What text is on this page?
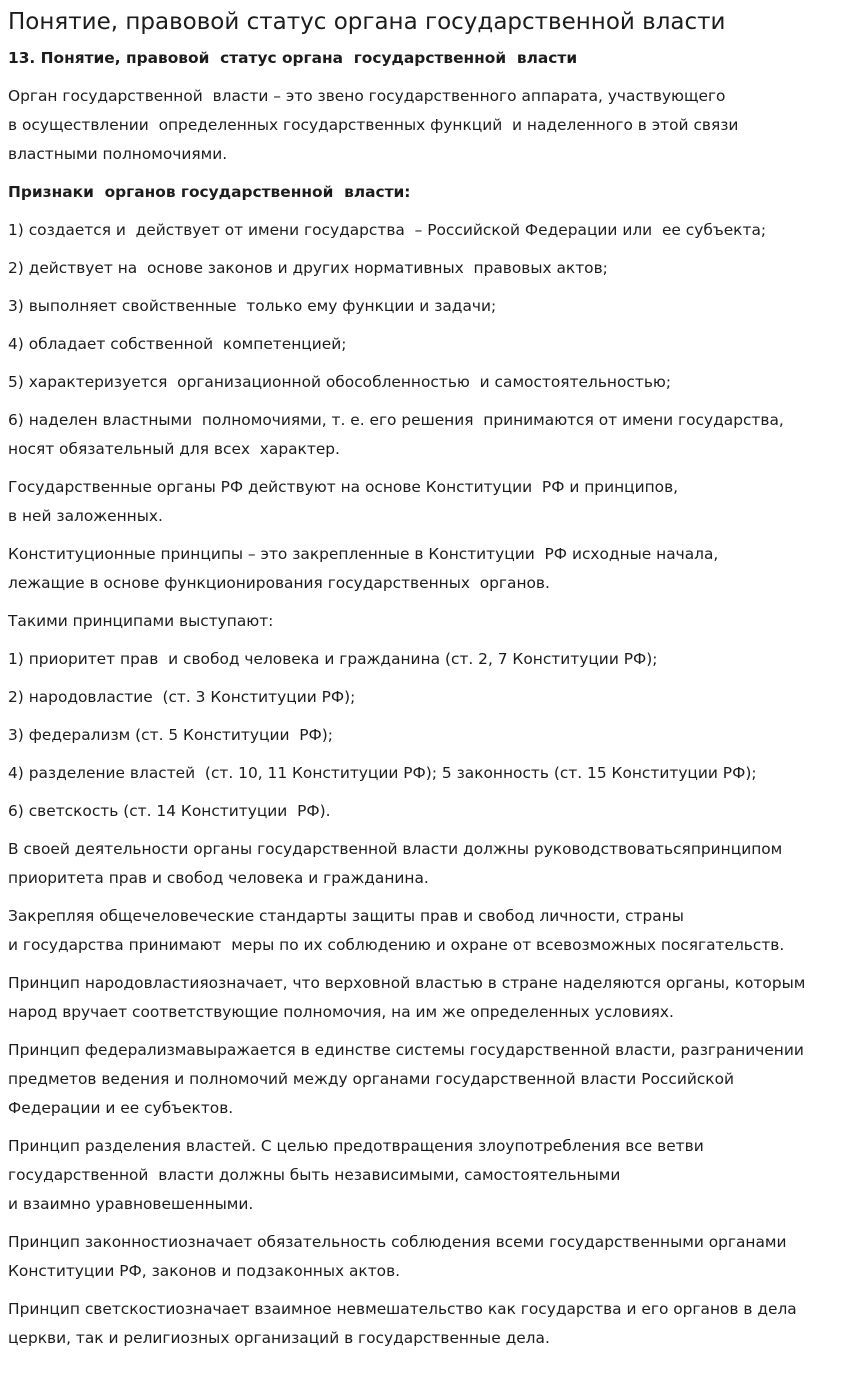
Понятие, правовой статус органа государственной власти
13. Понятие, правовой  статус органа  государственной  власти
Орган государственной  власти – это звено государственного аппарата, участвующего
в осуществлении  определенных государственных функций  и наделенного в этой связи
властными полномочиями.
Признаки  органов государственной  власти:
1) создается и  действует от имени государства  – Российской Федерации или  ее субъекта;
2) действует на  основе законов и других нормативных  правовых актов;
3) выполняет свойственные  только ему функции и задачи;
4) обладает собственной  компетенцией;
5) характеризуется  организационной обособленностью  и самостоятельностью;
6) наделен властными  полномочиями, т. е. его решения  принимаются от имени государства,
носят обязательный для всех  характер.
Государственные органы РФ действуют на основе Конституции  РФ и принципов,
в ней заложенных.
Конституционные принципы – это закрепленные в Конституции  РФ исходные начала,
лежащие в основе функционирования государственных  органов.
Такими принципами выступают:
1) приоритет прав  и свобод человека и гражданина (ст. 2, 7 Конституции РФ);
2) народовластие  (ст. 3 Конституции РФ);
3) федерализм (ст. 5 Конституции  РФ);
4) разделение властей  (ст. 10, 11 Конституции РФ); 5 законность (ст. 15 Конституции РФ);
6) светскость (ст. 14 Конституции  РФ).
В своей деятельности органы государственной власти должны руководствоватьсяпринципом
приоритета прав и свобод человека и гражданина.
Закрепляя общечеловеческие стандарты защиты прав и свобод личности, страны
и государства принимают  меры по их соблюдению и охране от всевозможных посягательств.
Принцип народовластияозначает, что верховной властью в стране наделяются органы, которым
народ вручает соответствующие полномочия, на им же определенных условиях.
Принцип федерализмавыражается в единстве системы государственной власти, разграничении
предметов ведения и полномочий между органами государственной власти Российской
Федерации и ее субъектов.
Принцип разделения властей. С целью предотвращения злоупотребления все ветви
государственной  власти должны быть независимыми, самостоятельными
и взаимно уравновешенными.
Принцип законностиозначает обязательность соблюдения всеми государственными органами
Конституции РФ, законов и подзаконных актов.
Принцип светскостиозначает взаимное невмешательство как государства и его органов в дела
церкви, так и религиозных организаций в государственные дела.
